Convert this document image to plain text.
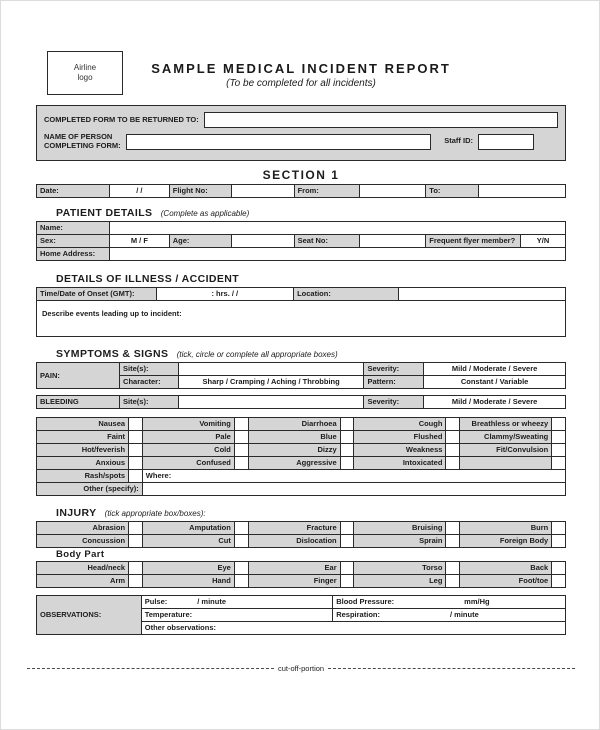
Airline
logo
SAMPLE MEDICAL INCIDENT REPORT
(To be completed for all incidents)
COMPLETED FORM TO BE RETURNED TO:
NAME OF PERSON
COMPLETING FORM:	Staff ID:
SECTION 1
Date:	/ /	Flight No:		From:		To:	
PATIENT DETAILS (Complete as applicable)
Name:							
Sex:	M / F	Age:		Seat No:		Frequent flyer member?	Y/N
Home Address:							
DETAILS OF ILLNESS / ACCIDENT
Time/Date of Onset (GMT):	: hrs. / /	Location:	
Describe events leading up to incident:
SYMPTOMS & SIGNS (tick, circle or complete all appropriate boxes)
PAIN:	Site(s):		Severity:	Mild / Moderate / Severe
	Character:	Sharp / Cramping / Aching / Throbbing	Pattern:	Constant / Variable
BLEEDING	Site(s):		Severity:	Mild / Moderate / Severe
Nausea		Vomiting		Diarrhoea		Cough		Breathless or wheezy	
Faint		Pale		Blue		Flushed		Clammy/Sweating	
Hot/feverish		Cold		Dizzy		Weakness		Fit/Convulsion	
Anxious		Confused		Aggressive		Intoxicated			
Rash/spots		Where:							
Other (specify):									
INJURY (tick appropriate box/boxes):
Abrasion		Amputation		Fracture		Bruising		Burn	
Concussion		Cut		Dislocation		Sprain		Foreign Body	
Body Part
Head/neck		Eye		Ear		Torso		Back	
Arm		Hand		Finger		Leg		Foot/toe	
OBSERVATIONS:	Pulse: / minute	Blood Pressure: mm/Hg
	Temperature:	Respiration: / minute
	Other observations:	
cut-off-portion
